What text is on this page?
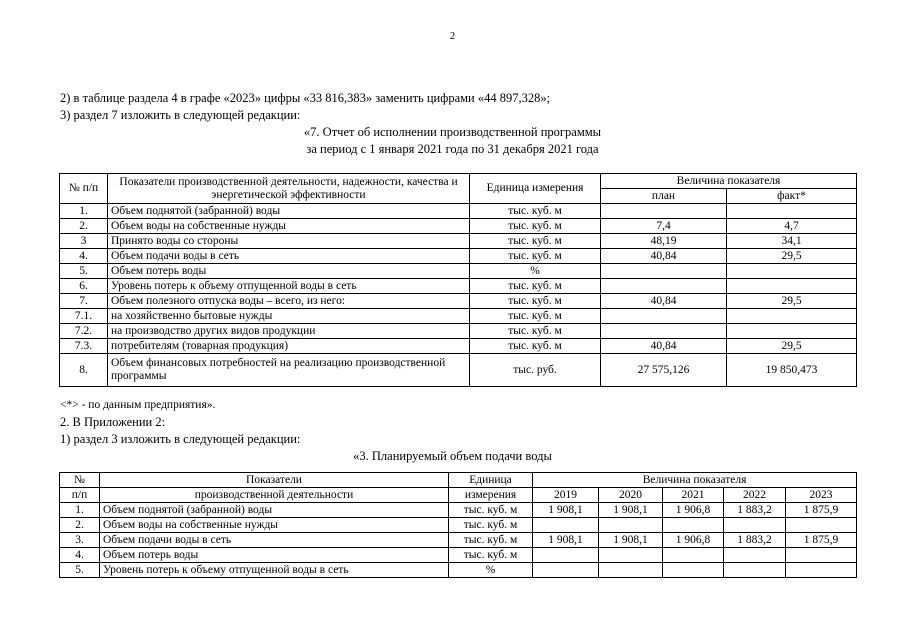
2
2) в таблице раздела 4 в графе «2023» цифры «33 816,383» заменить цифрами «44 897,328»;
3) раздел 7 изложить в следующей редакции:
«7. Отчет об исполнении производственной программы
за период с 1 января 2021 года по 31 декабря 2021 года
№ п/п	Показатели производственной деятельности, надежности, качества и энергетической эффективности	Единица измерения	Величина показателя	
			план	факт*
1.	Объем поднятой (забранной) воды	тыс. куб. м		
2.	Объем воды на собственные нужды	тыс. куб. м	7,4	4,7
3	Принято воды со стороны	тыс. куб. м	48,19	34,1
4.	Объем подачи воды в сеть	тыс. куб. м	40,84	29,5
5.	Объем потерь воды	%		
6.	Уровень потерь к объему отпущенной воды в сеть	тыс. куб. м		
7.	Объем полезного отпуска воды – всего, из него:	тыс. куб. м	40,84	29,5
7.1.	на хозяйственно бытовые нужды	тыс. куб. м		
7.2.	на производство других видов продукции	тыс. куб. м		
7.3.	потребителям (товарная продукция)	тыс. куб. м	40,84	29,5
8.	Объем финансовых потребностей на реализацию производственной программы	тыс. руб.	27 575,126	19 850,473
<*> - по данным предприятия».
2. В Приложении 2:
1) раздел 3 изложить в следующей редакции:
«3. Планируемый объем подачи воды
№	Показатели	Единица	Величина показателя				
п/п	производственной деятельности	измерения	2019	2020	2021	2022	2023
1.	Объем поднятой (забранной) воды	тыс. куб. м	1 908,1	1 908,1	1 906,8	1 883,2	1 875,9
2.	Объем воды на собственные нужды	тыс. куб. м					
3.	Объем подачи воды в сеть	тыс. куб. м	1 908,1	1 908,1	1 906,8	1 883,2	1 875,9
4.	Объем потерь воды	тыс. куб. м					
5.	Уровень потерь к объему отпущенной воды в сеть	%					
